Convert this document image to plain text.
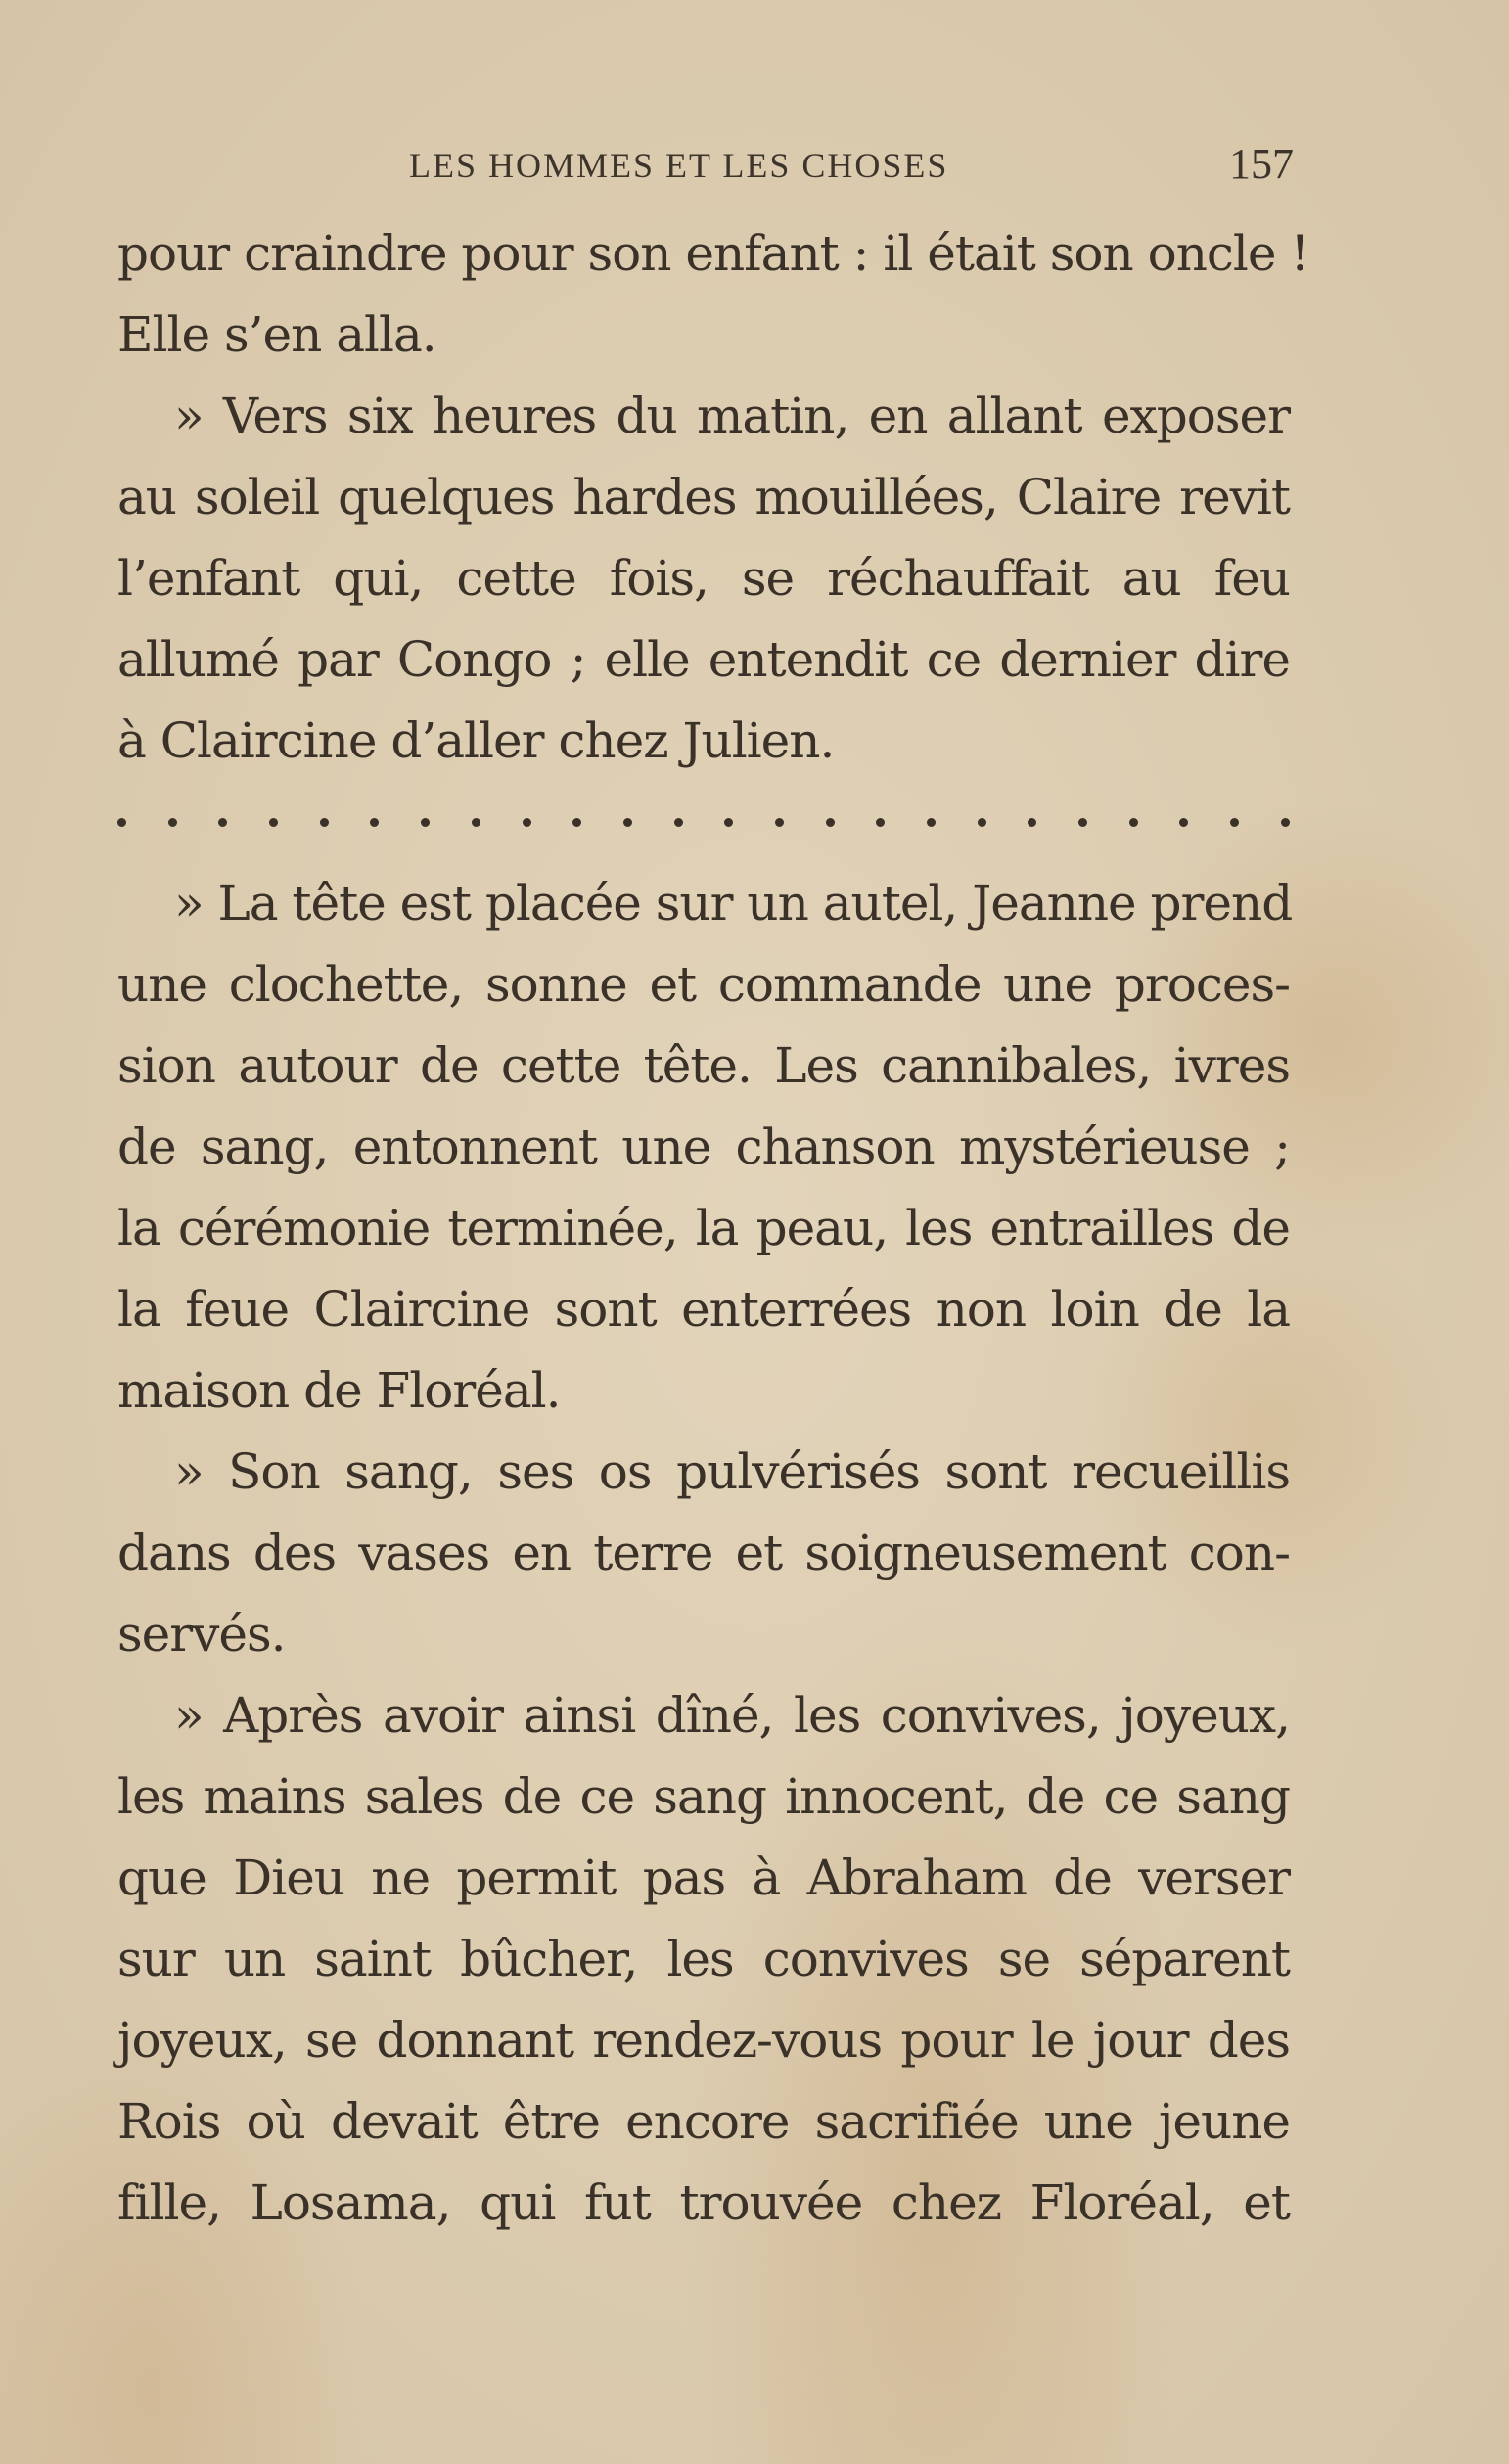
LES HOMMES ET LES CHOSES	157
pour craindre pour son enfant : il était son oncle !
Elle s’en alla.
» Vers six heures du matin, en allant exposer
au soleil quelques hardes mouillées, Claire revit
l’enfant qui, cette fois, se réchauffait au feu
allumé par Congo ; elle entendit ce dernier dire
à Claircine d’aller chez Julien.
» La tête est placée sur un autel, Jeanne prend
une clochette, sonne et commande une proces-
sion autour de cette tête. Les cannibales, ivres
de sang, entonnent une chanson mystérieuse ;
la cérémonie terminée, la peau, les entrailles de
la feue Claircine sont enterrées non loin de la
maison de Floréal.
» Son sang, ses os pulvérisés sont recueillis
dans des vases en terre et soigneusement con-
servés.
» Après avoir ainsi dîné, les convives, joyeux,
les mains sales de ce sang innocent, de ce sang
que Dieu ne permit pas à Abraham de verser
sur un saint bûcher, les convives se séparent
joyeux, se donnant rendez-vous pour le jour des
Rois où devait être encore sacrifiée une jeune
fille, Losama, qui fut trouvée chez Floréal, et
